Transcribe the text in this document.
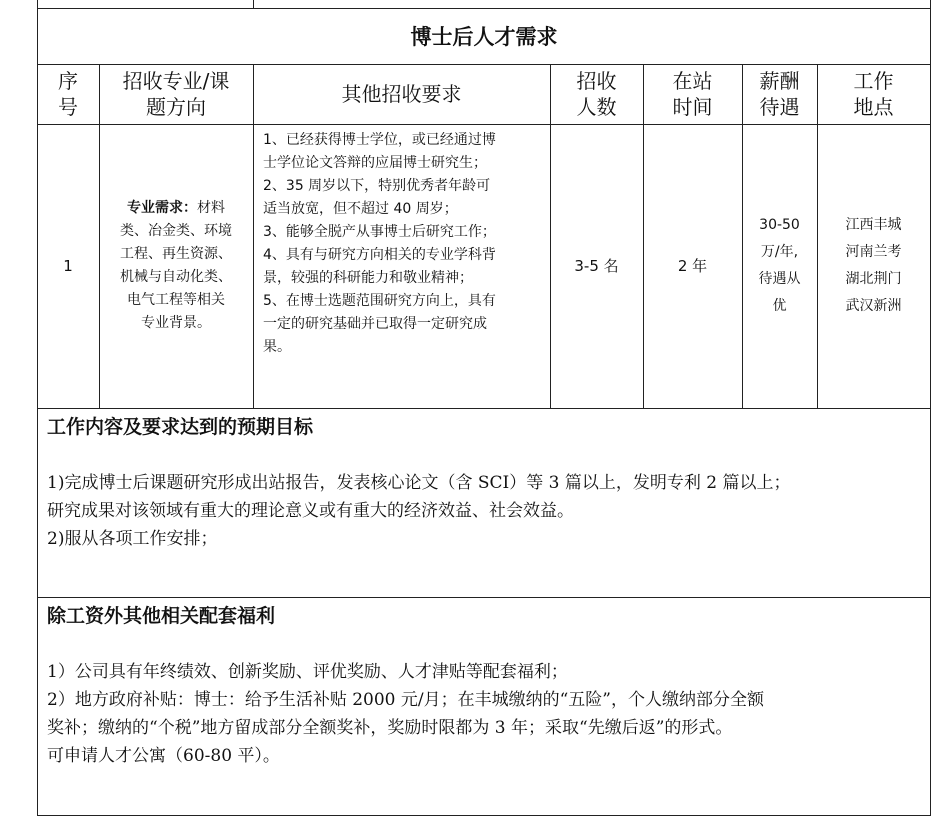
博士后人才需求
序
号
招收专业/课
题方向
其他招收要求
招收
人数
在站
时间
薪酬
待遇
工作
地点
1
专业需求：材料
类、冶金类、环境
工程、再生资源、
机械与自动化类、
电气工程等相关
专业背景。
1、已经获得博士学位，或已经通过博
士学位论文答辩的应届博士研究生；
2、35 周岁以下，特别优秀者年龄可
适当放宽，但不超过 40 周岁；
3、能够全脱产从事博士后研究工作；
4、具有与研究方向相关的专业学科背
景，较强的科研能力和敬业精神；
5、在博士选题范围研究方向上，具有
一定的研究基础并已取得一定研究成
果。
3-5 名	2 年
30-50
万/年,
待遇从
优
江西丰城
河南兰考
湖北荆门
武汉新洲
工作内容及要求达到的预期目标
1)完成博士后课题研究形成出站报告，发表核心论文（含 SCI）等 3 篇以上，发明专利 2 篇以上；
研究成果对该领域有重大的理论意义或有重大的经济效益、社会效益。
2)服从各项工作安排；
除工资外其他相关配套福利
1）公司具有年终绩效、创新奖励、评优奖励、人才津贴等配套福利；
2）地方政府补贴：博士：给予生活补贴 2000 元/月；在丰城缴纳的“五险”，个人缴纳部分全额
奖补；缴纳的“个税”地方留成部分全额奖补，奖励时限都为 3 年；采取“先缴后返”的形式。
可申请人才公寓（60-80 平）。
